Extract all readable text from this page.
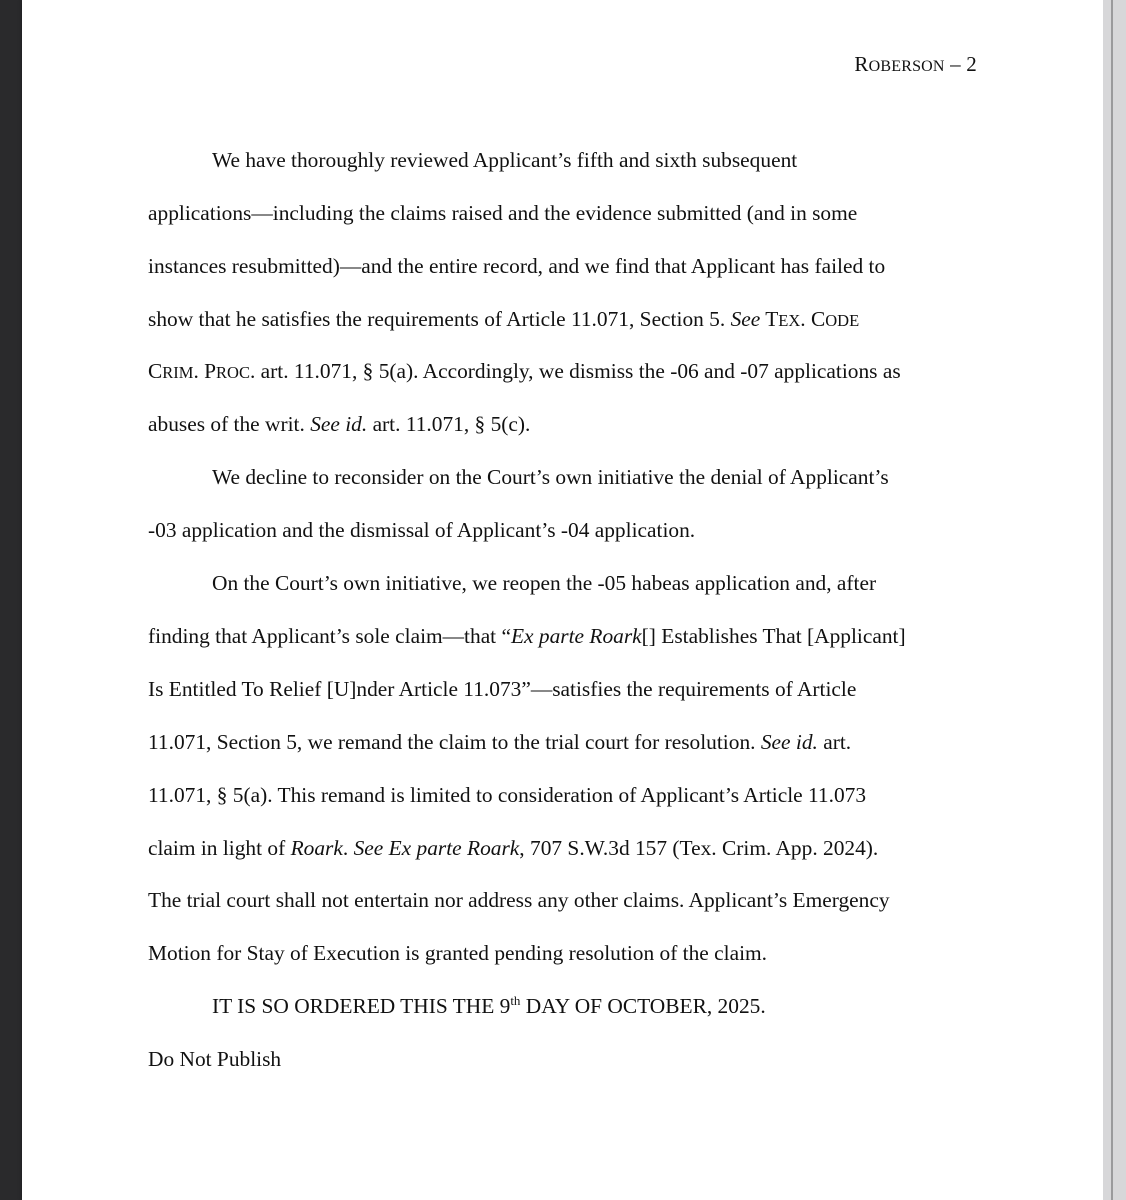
ROBERSON – 2
We have thoroughly reviewed Applicant’s fifth and sixth subsequent
applications—including the claims raised and the evidence submitted (and in some
instances resubmitted)—and the entire record, and we find that Applicant has failed to
show that he satisfies the requirements of Article 11.071, Section 5. See TEX. CODE
CRIM. PROC. art. 11.071, § 5(a). Accordingly, we dismiss the -06 and -07 applications as
abuses of the writ. See id. art. 11.071, § 5(c).
We decline to reconsider on the Court’s own initiative the denial of Applicant’s
-03 application and the dismissal of Applicant’s -04 application.
On the Court’s own initiative, we reopen the -05 habeas application and, after
finding that Applicant’s sole claim—that “Ex parte Roark[] Establishes That [Applicant]
Is Entitled To Relief [U]nder Article 11.073”—satisfies the requirements of Article
11.071, Section 5, we remand the claim to the trial court for resolution. See id. art.
11.071, § 5(a). This remand is limited to consideration of Applicant’s Article 11.073
claim in light of Roark. See Ex parte Roark, 707 S.W.3d 157 (Tex. Crim. App. 2024).
The trial court shall not entertain nor address any other claims. Applicant’s Emergency
Motion for Stay of Execution is granted pending resolution of the claim.
IT IS SO ORDERED THIS THE 9th DAY OF OCTOBER, 2025.
Do Not Publish
